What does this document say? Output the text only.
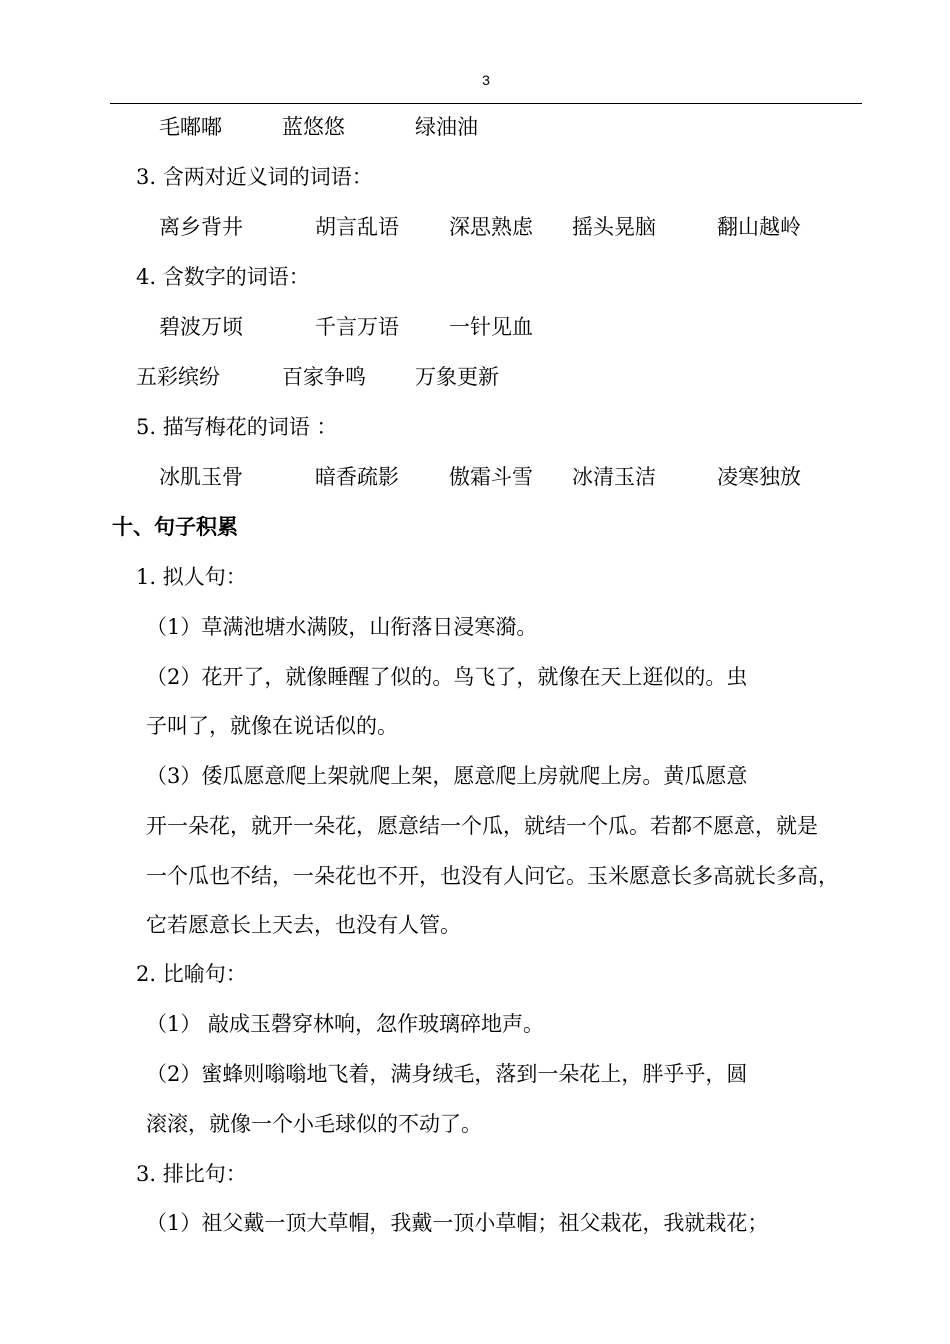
3
毛嘟嘟	蓝悠悠	绿油油
3. 含两对近义词的词语：
离乡背井	胡言乱语 深思熟虑 摇头晃脑	翻山越岭
4. 含数字的词语：
碧波万顷	千言万语 一针见血
五彩缤纷	百家争鸣 万象更新
5. 描写梅花的词语 ：
冰肌玉骨	暗香疏影 傲霜斗雪 冰清玉洁	凌寒独放
十、句子积累
1. 拟人句：
（1）草满池塘水满陂，山衔落日浸寒漪。
（2）花开了，就像睡醒了似的。鸟飞了，就像在天上逛似的。虫
子叫了，就像在说话似的。
（3）倭瓜愿意爬上架就爬上架，愿意爬上房就爬上房。黄瓜愿意
开一朵花，就开一朵花，愿意结一个瓜，就结一个瓜。若都不愿意，就是
一个瓜也不结，一朵花也不开，也没有人问它。玉米愿意长多高就长多高，
它若愿意长上天去，也没有人管。
2. 比喻句：
（1） 敲成玉磬穿林响，忽作玻璃碎地声。
（2）蜜蜂则嗡嗡地飞着，满身绒毛，落到一朵花上，胖乎乎，圆
滚滚，就像一个小毛球似的不动了。
3. 排比句：
（1）祖父戴一顶大草帽，我戴一顶小草帽；祖父栽花，我就栽花；
